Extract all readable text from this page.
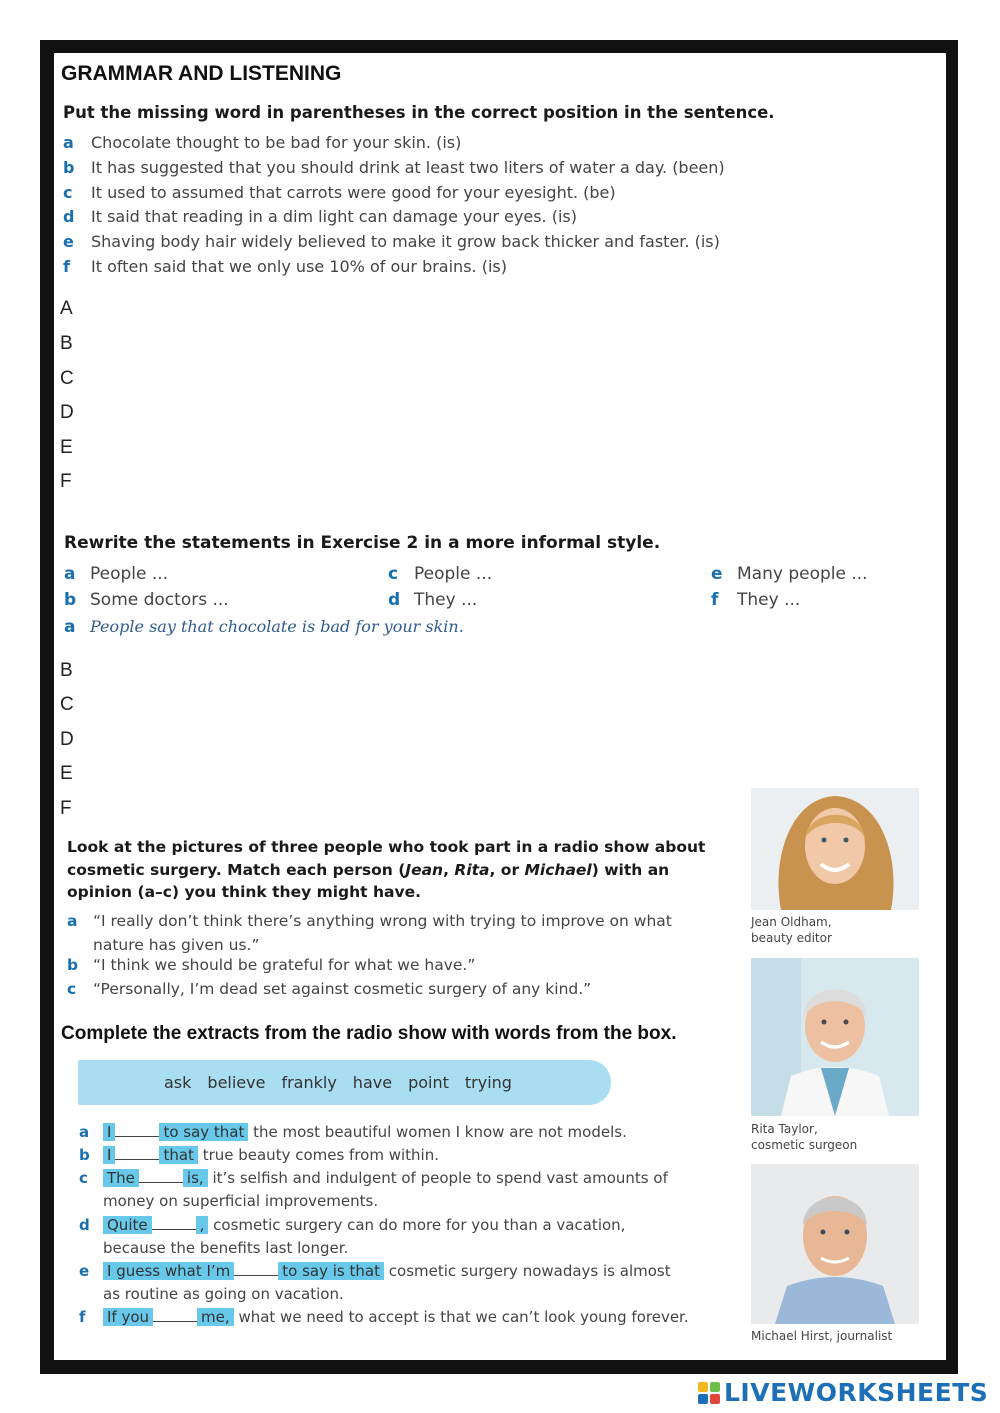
GRAMMAR AND LISTENING
Put the missing word in parentheses in the correct position in the sentence.
a Chocolate thought to be bad for your skin. (is)
b It has suggested that you should drink at least two liters of water a day. (been)
c It used to assumed that carrots were good for your eyesight. (be)
d It said that reading in a dim light can damage your eyes. (is)
e Shaving body hair widely believed to make it grow back thicker and faster. (is)
f It often said that we only use 10% of our brains. (is)
A
B
C
D
E
F
Rewrite the statements in Exercise 2 in a more informal style.
a People ...	c People ...	e Many people ...
b Some doctors ...	d They ...	f They ...
a People say that chocolate is bad for your skin.
B
C
D
E
F
Look at the pictures of three people who took part in a radio show about
cosmetic surgery. Match each person (Jean, Rita, or Michael) with an
opinion (a–c) you think they might have.
a “I really don’t think there’s anything wrong with trying to improve on what
nature has given us.”
b “I think we should be grateful for what we have.”
c “Personally, I’m dead set against cosmetic surgery of any kind.”
Complete the extracts from the radio show with words from the box.
ask believe frankly have point trying
a I	to say that the most beautiful women I know are not models.
b I	that true beauty comes from within.
c The	is, it’s selfish and indulgent of people to spend vast amounts of
money on superficial improvements.
d Quite	, cosmetic surgery can do more for you than a vacation,
because the benefits last longer.
e I guess what I’m	to say is that cosmetic surgery nowadays is almost
as routine as going on vacation.
f If you	me, what we need to accept is that we can’t look young forever.
Jean Oldham,
beauty editor
Rita Taylor,
cosmetic surgeon
Michael Hirst, journalist
LIVEWORKSHEETS
